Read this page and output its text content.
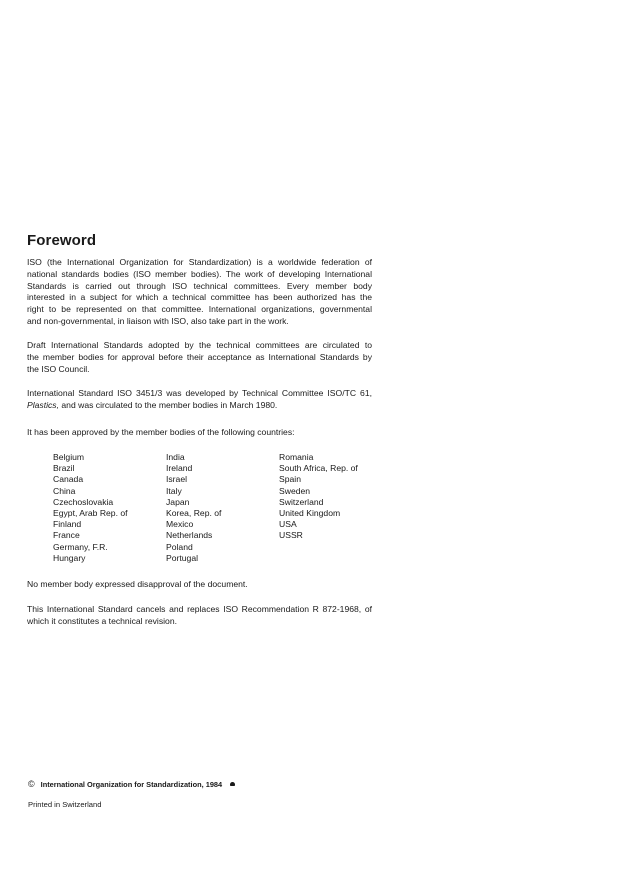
Foreword
ISO (the International Organization for Standardization) is a worldwide federation of
national standards bodies (ISO member bodies). The work of developing International
Standards is carried out through ISO technical committees. Every member body
interested in a subject for which a technical committee has been authorized has the
right to be represented on that committee. International organizations, governmental
and non-governmental, in liaison with ISO, also take part in the work.
Draft International Standards adopted by the technical committees are circulated to
the member bodies for approval before their acceptance as International Standards by
the ISO Council.
International Standard ISO 3451/3 was developed by Technical Committee ISO/TC 61,
Plastics, and was circulated to the member bodies in March 1980.
It has been approved by the member bodies of the following countries:
Belgium
Brazil
Canada
China
Czechoslovakia
Egypt, Arab Rep. of
Finland
France
Germany, F.R.
Hungary
India
Ireland
Israel
Italy
Japan
Korea, Rep. of
Mexico
Netherlands
Poland
Portugal
Romania
South Africa, Rep. of
Spain
Sweden
Switzerland
United Kingdom
USA
USSR
No member body expressed disapproval of the document.
This International Standard cancels and replaces ISO Recommendation R 872-1968, of
which it constitutes a technical revision.
© International Organization for Standardization, 1984
Printed in Switzerland
